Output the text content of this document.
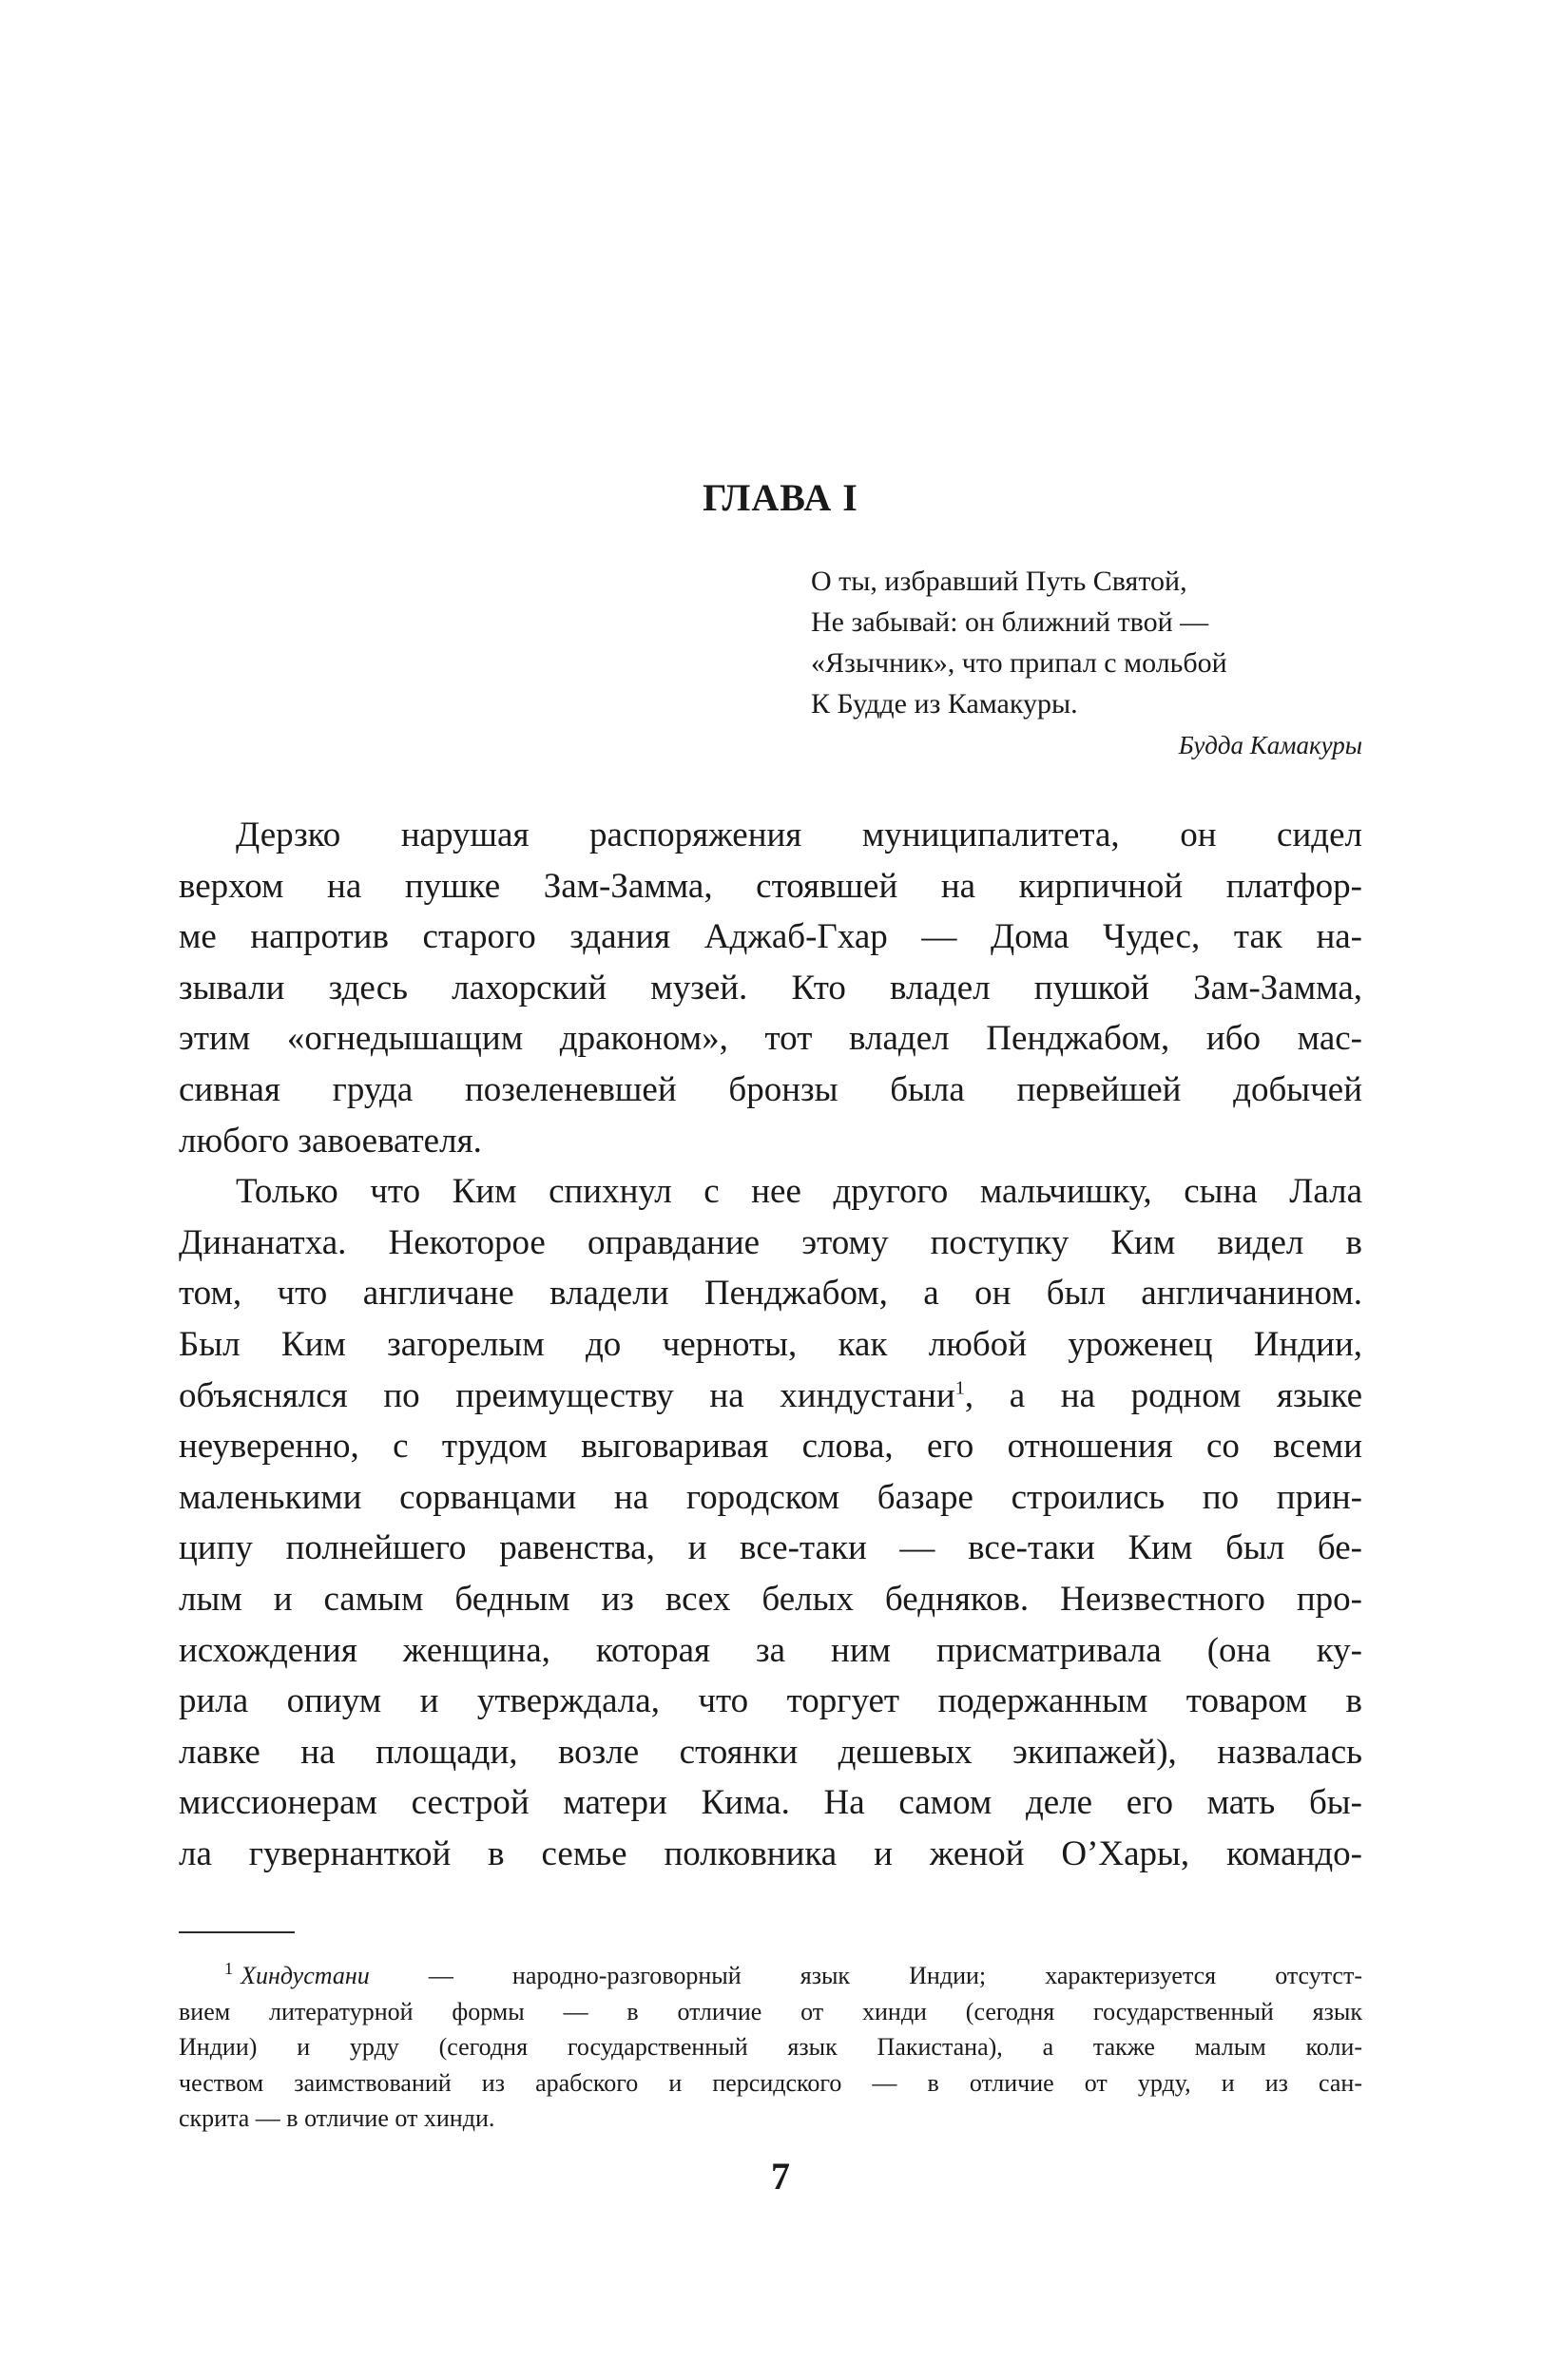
ГЛАВА I
О ты, избравший Путь Святой,
Не забывай: он ближний твой —
«Язычник», что припал с мольбой
К Будде из Камакуры.
Будда Камакуры

Дерзко нарушая распоряжения муниципалитета, он сидел
верхом на пушке Зам-Замма, стоявшей на кирпичной платфор-
ме напротив старого здания Аджаб-Гхар — Дома Чудес, так на-
зывали здесь лахорский музей. Кто владел пушкой Зам-Замма,
этим «огнедышащим драконом», тот владел Пенджабом, ибо мас-
сивная груда позеленевшей бронзы была первейшей добычей
любого завоевателя.

Только что Ким спихнул с нее другого мальчишку, сына Лала
Динанатха. Некоторое оправдание этому поступку Ким видел в
том, что англичане владели Пенджабом, а он был англичанином.
Был Ким загорелым до черноты, как любой уроженец Индии,
объяснялся по преимуществу на хиндустани$^1$, а на родном языке
неуверенно, с трудом выговаривая слова, его отношения со всеми
маленькими сорванцами на городском базаре строились по прин-
ципу полнейшего равенства, и все-таки — все-таки Ким был бе-
лым и самым бедным из всех белых бедняков. Неизвестного про-
исхождения женщина, которая за ним присматривала (она ку-
рила опиум и утверждала, что торгует подержанным товаром в
лавке на площади, возле стоянки дешевых экипажей), назвалась
миссионерам сестрой матери Кима. На самом деле его мать бы-
ла гувернанткой в семье полковника и женой О’Хары, командо-

$^1$ Хиндустани — народно-разговорный язык Индии; характеризуется отсутст-
вием литературной формы — в отличие от хинди (сегодня государственный язык
Индии) и урду (сегодня государственный язык Пакистана), а также малым коли-
чеством заимствований из арабского и персидского — в отличие от урду, и из сан-
скрита — в отличие от хинди.
7
